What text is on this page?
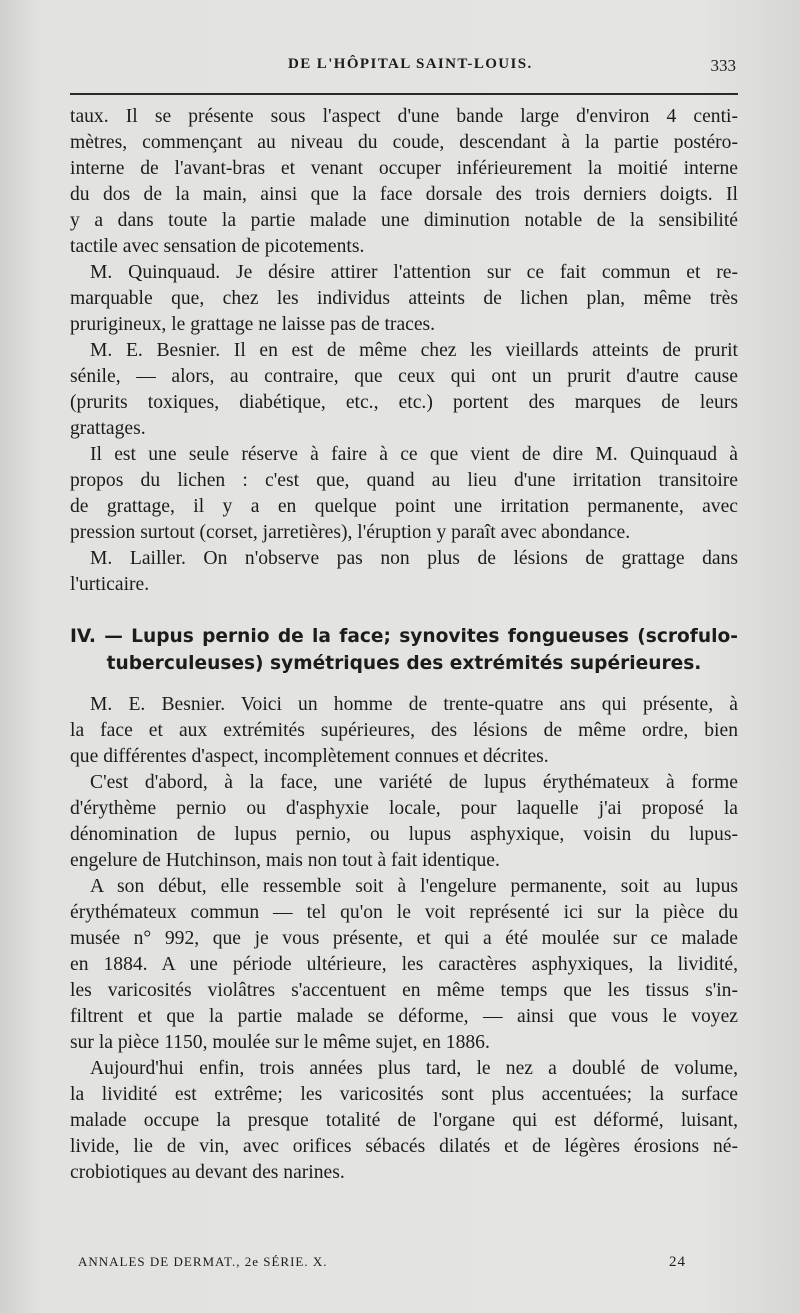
DE L'HÔPITAL SAINT-LOUIS.	333
taux. Il se présente sous l'aspect d'une bande large d'environ 4 centi-
mètres, commençant au niveau du coude, descendant à la partie postéro-
interne de l'avant-bras et venant occuper inférieurement la moitié interne
du dos de la main, ainsi que la face dorsale des trois derniers doigts. Il
y a dans toute la partie malade une diminution notable de la sensibilité
tactile avec sensation de picotements.
M. Quinquaud. Je désire attirer l'attention sur ce fait commun et re-
marquable que, chez les individus atteints de lichen plan, même très
prurigineux, le grattage ne laisse pas de traces.
M. E. Besnier. Il en est de même chez les vieillards atteints de prurit
sénile, — alors, au contraire, que ceux qui ont un prurit d'autre cause
(prurits toxiques, diabétique, etc., etc.) portent des marques de leurs
grattages.
Il est une seule réserve à faire à ce que vient de dire M. Quinquaud à
propos du lichen : c'est que, quand au lieu d'une irritation transitoire
de grattage, il y a en quelque point une irritation permanente, avec
pression surtout (corset, jarretières), l'éruption y paraît avec abondance.
M. Lailler. On n'observe pas non plus de lésions de grattage dans
l'urticaire.
IV. — Lupus pernio de la face; synovites fongueuses (scrofulo-
tuberculeuses) symétriques des extrémités supérieures.
M. E. Besnier. Voici un homme de trente-quatre ans qui présente, à
la face et aux extrémités supérieures, des lésions de même ordre, bien
que différentes d'aspect, incomplètement connues et décrites.
C'est d'abord, à la face, une variété de lupus érythémateux à forme
d'érythème pernio ou d'asphyxie locale, pour laquelle j'ai proposé la
dénomination de lupus pernio, ou lupus asphyxique, voisin du lupus-
engelure de Hutchinson, mais non tout à fait identique.
A son début, elle ressemble soit à l'engelure permanente, soit au lupus
érythémateux commun — tel qu'on le voit représenté ici sur la pièce du
musée n° 992, que je vous présente, et qui a été moulée sur ce malade
en 1884. A une période ultérieure, les caractères asphyxiques, la lividité,
les varicosités violâtres s'accentuent en même temps que les tissus s'in-
filtrent et que la partie malade se déforme, — ainsi que vous le voyez
sur la pièce 1150, moulée sur le même sujet, en 1886.
Aujourd'hui enfin, trois années plus tard, le nez a doublé de volume,
la lividité est extrême; les varicosités sont plus accentuées; la surface
malade occupe la presque totalité de l'organe qui est déformé, luisant,
livide, lie de vin, avec orifices sébacés dilatés et de légères érosions né-
crobiotiques au devant des narines.
ANNALES DE DERMAT., 2e SÉRIE. X.	24
